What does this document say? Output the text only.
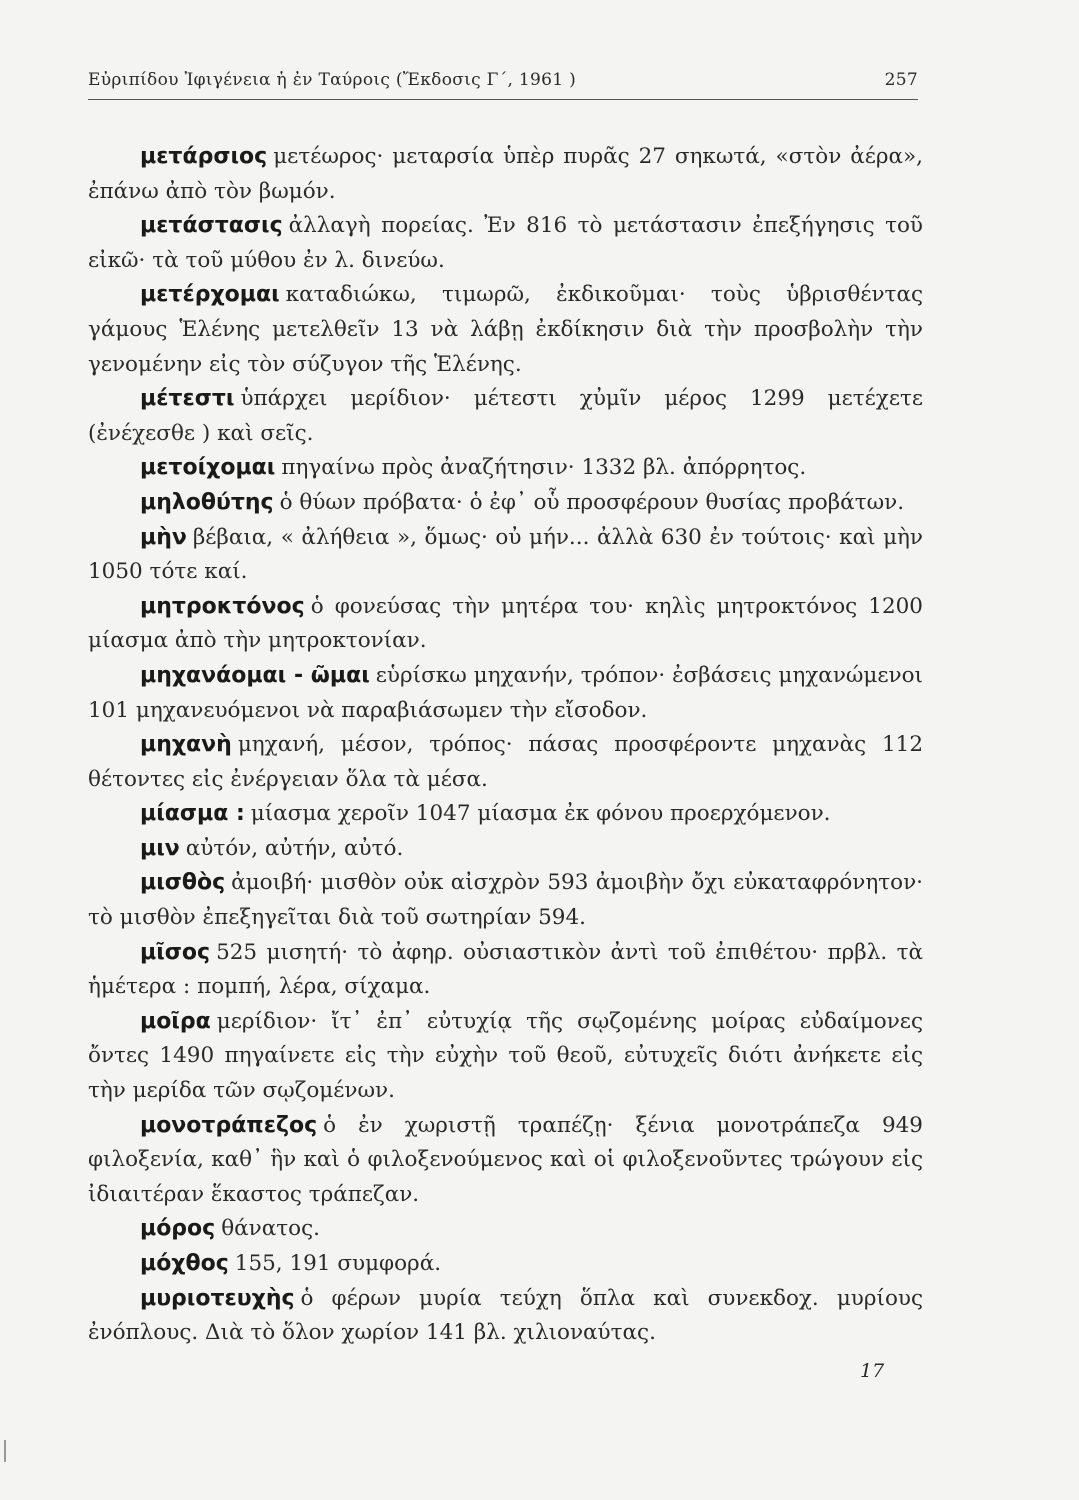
Εὐριπίδου Ἰφιγένεια ἡ ἐν Ταύροις (Ἔκδοσις Γ΄, 1961 )	257

μετάρσιος μετέωρος· μεταρσία ὑπὲρ πυρᾶς 27 σηκωτά, «στὸν ἀέρα», ἐπάνω ἀπὸ τὸν βωμόν.

μετάστασις ἀλλαγὴ πορείας. Ἐν 816 τὸ μετάστασιν ἐπεξήγησις τοῦ εἰκῶ· τὰ τοῦ μύθου ἐν λ. δινεύω.

μετέρχομαι καταδιώκω, τιμωρῶ, ἐκδικοῦμαι· τοὺς ὑβρισθέντας γάμους Ἑλένης μετελθεῖν 13 νὰ λάβῃ ἐκδίκησιν διὰ τὴν προσβολὴν τὴν γενομένην εἰς τὸν σύζυγον τῆς Ἑλένης.

μέτεστι ὑπάρχει μερίδιον· μέτεστι χὐμῖν μέρος 1299 μετέχετε (ἐνέχεσθε ) καὶ σεῖς.

μετοίχομαι πηγαίνω πρὸς ἀναζήτησιν· 1332 βλ. ἀπόρρητος.

μηλοθύτης ὁ θύων πρόβατα· ὁ ἐφ᾽ οὗ προσφέρουν θυσίας προβάτων.

μὴν βέβαια, « ἀλήθεια », ὅμως· οὐ μήν... ἀλλὰ 630 ἐν τούτοις· καὶ μὴν 1050 τότε καί.

μητροκτόνος ὁ φονεύσας τὴν μητέρα του· κηλὶς μητροκτόνος 1200 μίασμα ἀπὸ τὴν μητροκτονίαν.

μηχανάομαι - ῶμαι εὑρίσκω μηχανήν, τρόπον· ἐσβάσεις μηχανώμενοι 101 μηχανευόμενοι νὰ παραβιάσωμεν τὴν εἴσοδον.

μηχανὴ μηχανή, μέσον, τρόπος· πάσας προσφέροντε μηχανὰς 112 θέτοντες εἰς ἐνέργειαν ὅλα τὰ μέσα.

μίασμα : μίασμα χεροῖν 1047 μίασμα ἐκ φόνου προερχόμενον.

μιν αὐτόν, αὐτήν, αὐτό.

μισθὸς ἀμοιβή· μισθὸν οὐκ αἰσχρὸν 593 ἀμοιβὴν ὄχι εὐκαταφρόνητον· τὸ μισθὸν ἐπεξηγεῖται διὰ τοῦ σωτηρίαν 594.

μῖσος 525 μισητή· τὸ ἀφηρ. οὐσιαστικὸν ἀντὶ τοῦ ἐπιθέτου· πρβλ. τὰ ἡμέτερα : πομπή, λέρα, σίχαμα.

μοῖρα μερίδιον· ἴτ᾽ ἐπ᾽ εὐτυχίᾳ τῆς σῳζομένης μοίρας εὐδαίμονες ὄντες 1490 πηγαίνετε εἰς τὴν εὐχὴν τοῦ θεοῦ, εὐτυχεῖς διότι ἀνήκετε εἰς τὴν μερίδα τῶν σῳζομένων.

μονοτράπεζος ὁ ἐν χωριστῇ τραπέζῃ· ξένια μονοτράπεζα 949 φιλοξενία, καθ᾽ ἣν καὶ ὁ φιλοξενούμενος καὶ οἱ φιλοξενοῦντες τρώγουν εἰς ἰδιαιτέραν ἕκαστος τράπεζαν.

μόρος θάνατος.

μόχθος 155, 191 συμφορά.

μυριοτευχὴς ὁ φέρων μυρία τεύχη ὅπλα καὶ συνεκδοχ. μυρίους ἐνόπλους. Διὰ τὸ ὅλον χωρίον 141 βλ. χιλιοναύτας.

17
